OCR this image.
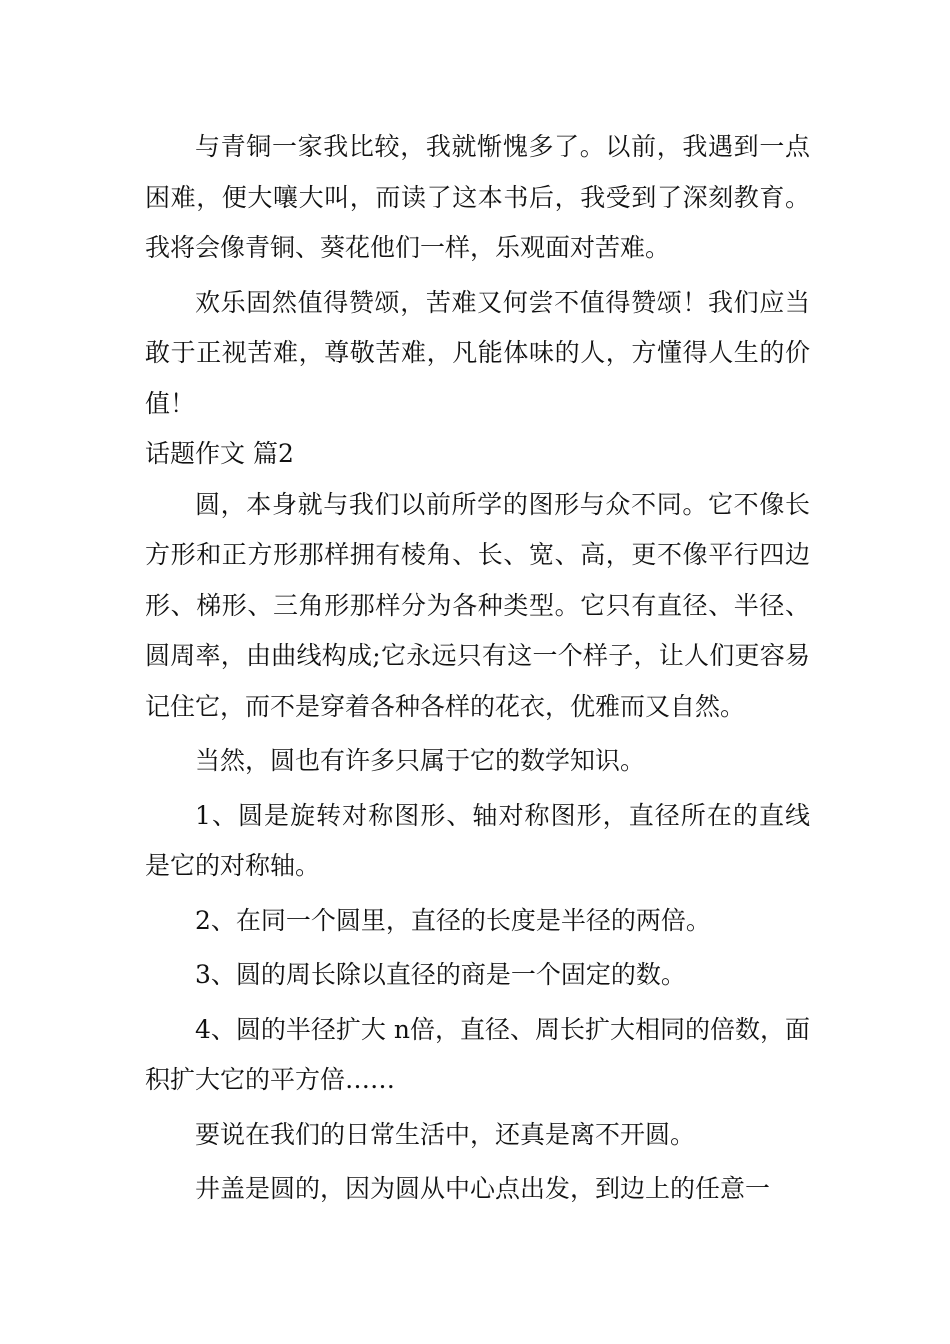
与青铜一家我比较，我就惭愧多了。以前，我遇到一点困难，便大嚷大叫，而读了这本书后，我受到了深刻教育。我将会像青铜、葵花他们一样，乐观面对苦难。

欢乐固然值得赞颂，苦难又何尝不值得赞颂！我们应当敢于正视苦难，尊敬苦难，凡能体味的人，方懂得人生的价值！

话题作文 篇2

圆，本身就与我们以前所学的图形与众不同。它不像长方形和正方形那样拥有棱角、长、宽、高，更不像平行四边形、梯形、三角形那样分为各种类型。它只有直径、半径、圆周率，由曲线构成;它永远只有这一个样子，让人们更容易记住它，而不是穿着各种各样的花衣，优雅而又自然。

当然，圆也有许多只属于它的数学知识。

1、圆是旋转对称图形、轴对称图形，直径所在的直线是它的对称轴。

2、在同一个圆里，直径的长度是半径的两倍。

3、圆的周长除以直径的商是一个固定的数。

4、圆的半径扩大 n倍，直径、周长扩大相同的倍数，面积扩大它的平方倍……

要说在我们的日常生活中，还真是离不开圆。

井盖是圆的，因为圆从中心点出发，到边上的任意一
